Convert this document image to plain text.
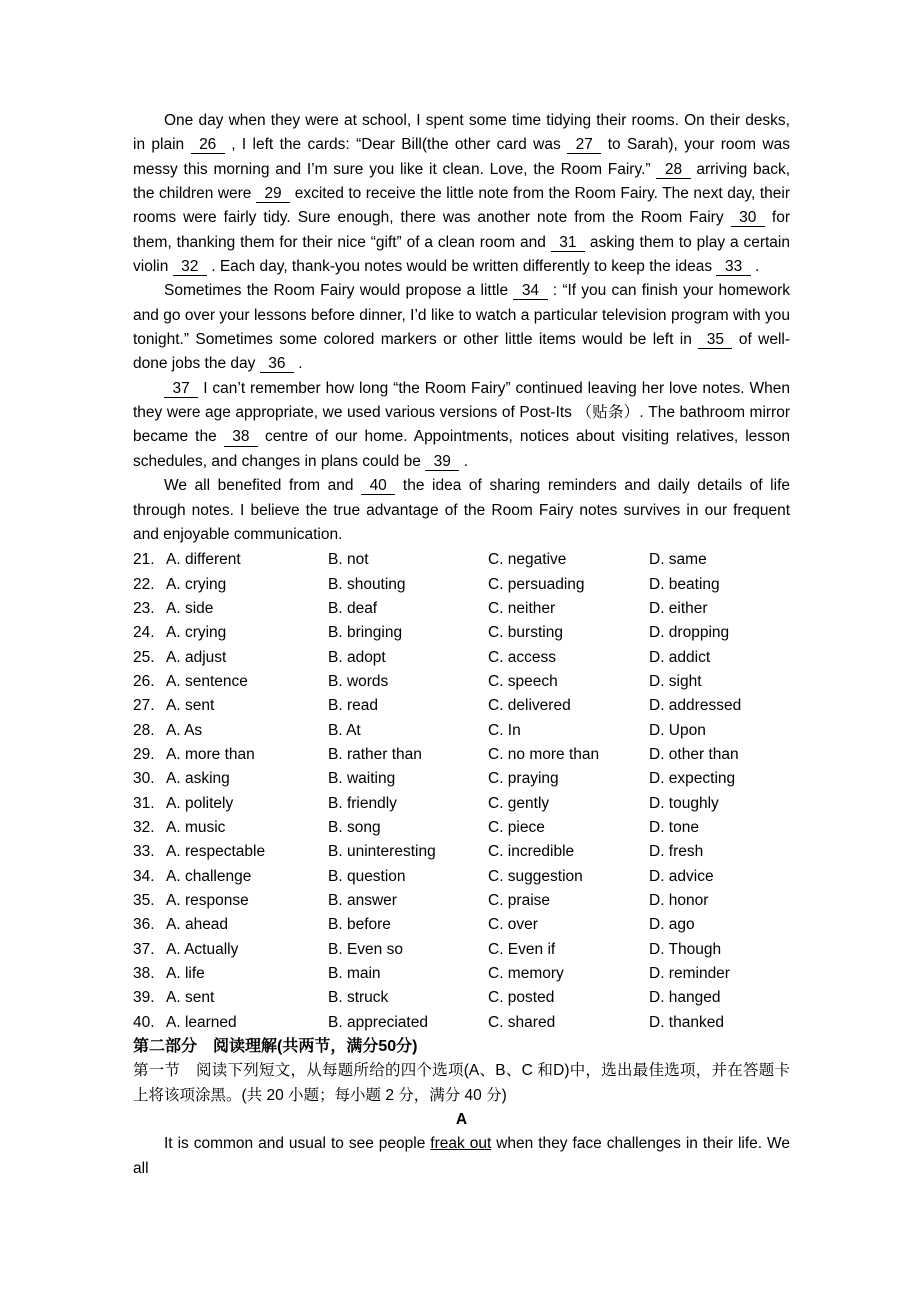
One day when they were at school, I spent some time tidying their rooms. On their desks, in plain 26 , I left the cards: “Dear Bill(the other card was 27 to Sarah), your room was messy this morning and I’m sure you like it clean. Love, the Room Fairy.” 28 arriving back, the children were 29 excited to receive the little note from the Room Fairy. The next day, their rooms were fairly tidy. Sure enough, there was another note from the Room Fairy 30 for them, thanking them for their nice “gift” of a clean room and 31 asking them to play a certain violin 32 . Each day, thank-you notes would be written differently to keep the ideas 33 .

Sometimes the Room Fairy would propose a little 34 : “If you can finish your homework and go over your lessons before dinner, I’d like to watch a particular television program with you tonight.” Sometimes some colored markers or other little items would be left in 35 of well-done jobs the day 36 .

37 I can’t remember how long “the Room Fairy” continued leaving her love notes. When they were age appropriate, we used various versions of Post-Its （贴条）. The bathroom mirror became the 38 centre of our home. Appointments, notices about visiting relatives, lesson schedules, and changes in plans could be 39 .

We all benefited from and 40 the idea of sharing reminders and daily details of life through notes. I believe the true advantage of the Room Fairy notes survives in our frequent and enjoyable communication.

21. A. different	B. not	C. negative	D. same
22. A. crying	B. shouting	C. persuading	D. beating
23. A. side	B. deaf	C. neither	D. either
24. A. crying	B. bringing	C. bursting	D. dropping
25. A. adjust	B. adopt	C. access	D. addict
26. A. sentence	B. words	C. speech	D. sight
27. A. sent	B. read	C. delivered	D. addressed
28. A. As	B. At	C. In	D. Upon
29. A. more than	B. rather than	C. no more than	D. other than
30. A. asking	B. waiting	C. praying	D. expecting
31. A. politely	B. friendly	C. gently	D. toughly
32. A. music	B. song	C. piece	D. tone
33. A. respectable	B. uninteresting	C. incredible	D. fresh
34. A. challenge	B. question	C. suggestion	D. advice
35. A. response	B. answer	C. praise	D. honor
36. A. ahead	B. before	C. over	D. ago
37. A. Actually	B. Even so	C. Even if	D. Though
38. A. life	B. main	C. memory	D. reminder
39. A. sent	B. struck	C. posted	D. hanged
40. A. learned	B. appreciated	C. shared	D. thanked
第二部分　阅读理解(共两节，满分50分)
第一节　阅读下列短文，从每题所给的四个选项(A、B、C 和D)中，选出最佳选项，并在答题卡上将该项涂黑。(共 20 小题；每小题 2 分，满分 40 分)
A
It is common and usual to see people freak out when they face challenges in their life. We all
